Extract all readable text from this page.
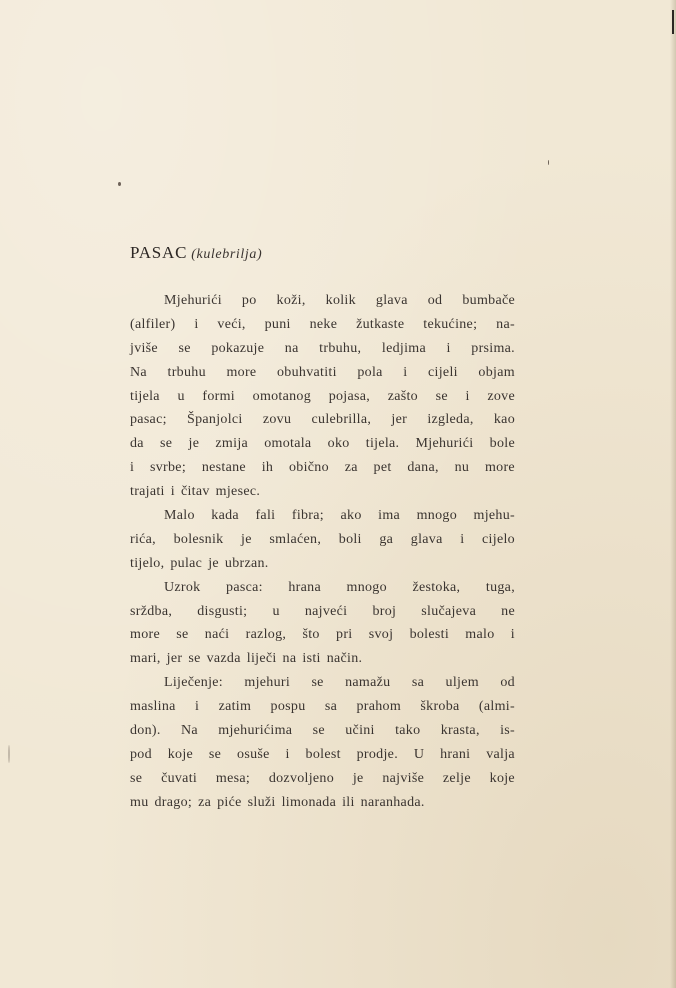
PASAC (kulebrilja)
Mjehurići po koži, kolik glava od bumbače
(alfiler) i veći, puni neke žutkaste tekućine; na-
jviše se pokazuje na trbuhu, ledjima i prsima.
Na trbuhu more obuhvatiti pola i cijeli objam
tijela u formi omotanog pojasa, zašto se i zove
pasac; Španjolci zovu culebrilla, jer izgleda, kao
da se je zmija omotala oko tijela. Mjehurići bole
i svrbe; nestane ih obično za pet dana, nu more
trajati i čitav mjesec.
Malo kada fali fibra; ako ima mnogo mjehu-
rića, bolesnik je smlaćen, boli ga glava i cijelo
tijelo, pulac je ubrzan.
Uzrok pasca: hrana mnogo žestoka, tuga,
srždba, disgusti; u najveći broj slučajeva ne
more se naći razlog, što pri svoj bolesti malo i
mari, jer se vazda liječi na isti način.
Liječenje: mjehuri se namažu sa uljem od
maslina i zatim pospu sa prahom škroba (almi-
don). Na mjehurićima se učini tako krasta, is-
pod koje se osuše i bolest prodje. U hrani valja
se čuvati mesa; dozvoljeno je najviše zelje koje
mu drago; za piće služi limonada ili naranhada.
